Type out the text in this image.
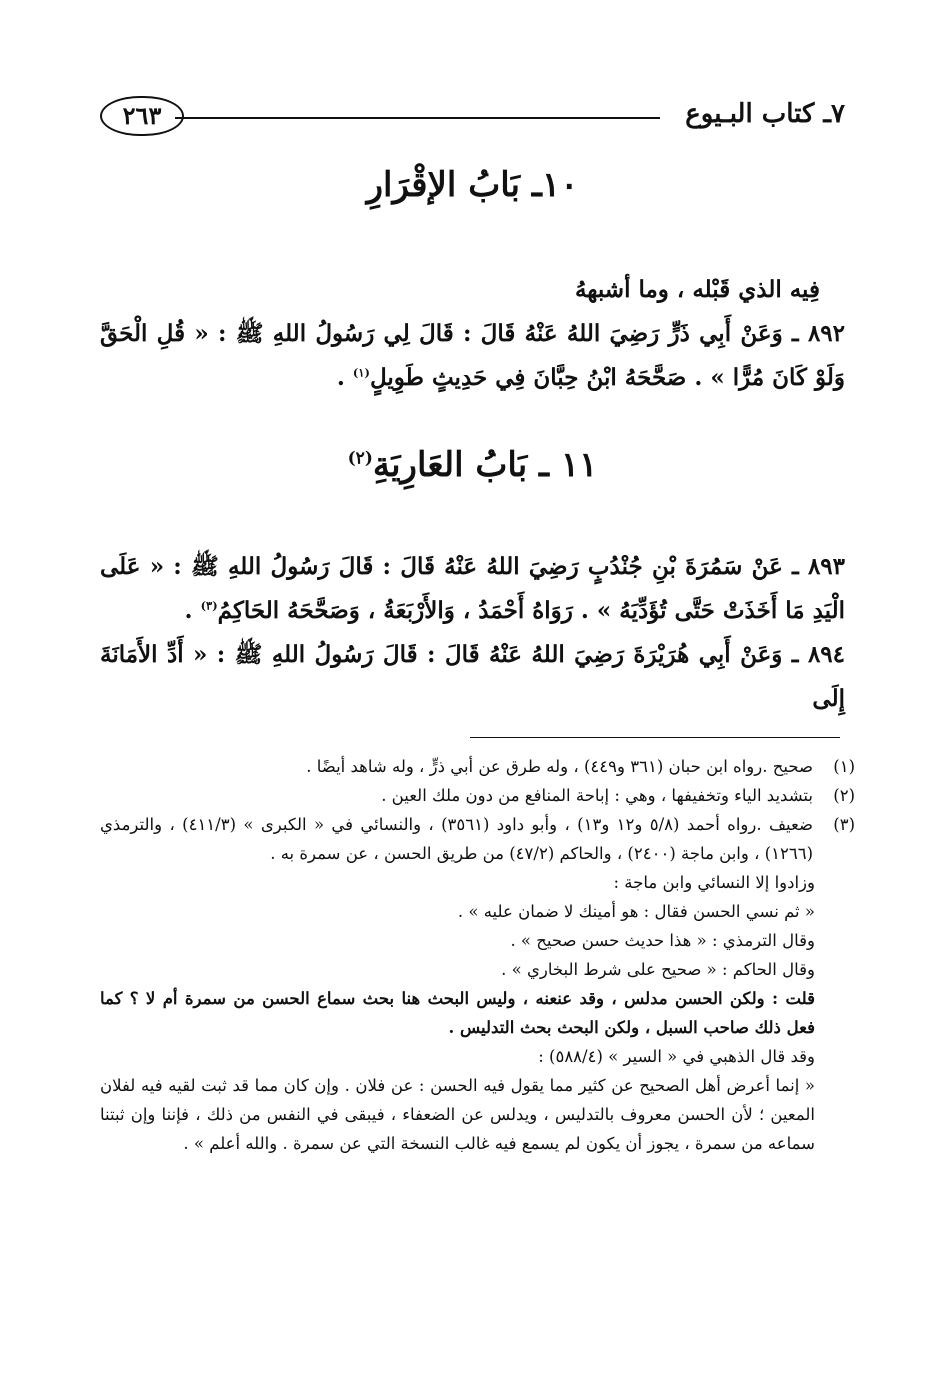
٧ـ كتاب البـيوع
٢٦٣
١٠ـ بَابُ الإقْرَارِ

فِيه الذي قَبْله ، وما أشبههُ

٨٩٢ ـ وَعَنْ أَبِي ذَرٍّ رَضِيَ اللهُ عَنْهُ قَالَ : قَالَ لِي رَسُولُ اللهِ ﷺ : « قُلِ الْحَقَّ وَلَوْ كَانَ مُرًّا » . صَحَّحَهُ ابْنُ حِبَّانَ فِي حَدِيثٍ طَوِيلٍ$^{(١)}$ .

١١ ـ بَابُ العَارِيَةِ$^{(٢)}$

٨٩٣ ـ عَنْ سَمُرَةَ بْنِ جُنْدُبٍ رَضِيَ اللهُ عَنْهُ قَالَ : قَالَ رَسُولُ اللهِ ﷺ : « عَلَى الْيَدِ مَا أَخَذَتْ حَتَّى تُؤَدِّيَهُ » . رَوَاهُ أَحْمَدُ ، وَالأَرْبَعَةُ ، وَصَحَّحَهُ الحَاكِمُ$^{(٣)}$ .

٨٩٤ ـ وَعَنْ أَبِي هُرَيْرَةَ رَضِيَ اللهُ عَنْهُ قَالَ : قَالَ رَسُولُ اللهِ ﷺ : « أَدِّ الأَمَانَةَ إِلَى

(١)

صحيح .رواه ابن حبان (٣٦١ و٤٤٩) ، وله طرق عن أبي ذرٍّ ، وله شاهد أيضًا .

(٢)

بتشديد الياء وتخفيفها ، وهي : إباحة المنافع من دون ملك العين .

(٣)

ضعيف .رواه أحمد (٥/٨ و١٢ و١٣) ، وأبو داود (٣٥٦١) ، والنسائي في « الكبرى » (٤١١/٣) ، والترمذي (١٢٦٦) ، وابن ماجة (٢٤٠٠) ، والحاكم (٤٧/٢) من طريق الحسن ، عن سمرة به .

وزادوا إلا النسائي وابن ماجة :

« ثم نسي الحسن فقال : هو أمينك لا ضمان عليه » .

وقال الترمذي : « هذا حديث حسن صحيح » .

وقال الحاكم : « صحيح على شرط البخاري » .

قلت : ولكن الحسن مدلس ، وقد عنعنه ، وليس البحث هنا بحث سماع الحسن من سمرة أم لا ؟ كما فعل ذلك صاحب السبل ، ولكن البحث بحث التدليس .

وقد قال الذهبي في « السير » (٥٨٨/٤) :

« إنما أعرض أهل الصحيح عن كثير مما يقول فيه الحسن : عن فلان . وإن كان مما قد ثبت لقيه فيه لفلان المعين ؛ لأن الحسن معروف بالتدليس ، ويدلس عن الضعفاء ، فيبقى في النفس من ذلك ، فإننا وإن ثبتنا سماعه من سمرة ، يجوز أن يكون لم يسمع فيه غالب النسخة التي عن سمرة . والله أعلم » .
